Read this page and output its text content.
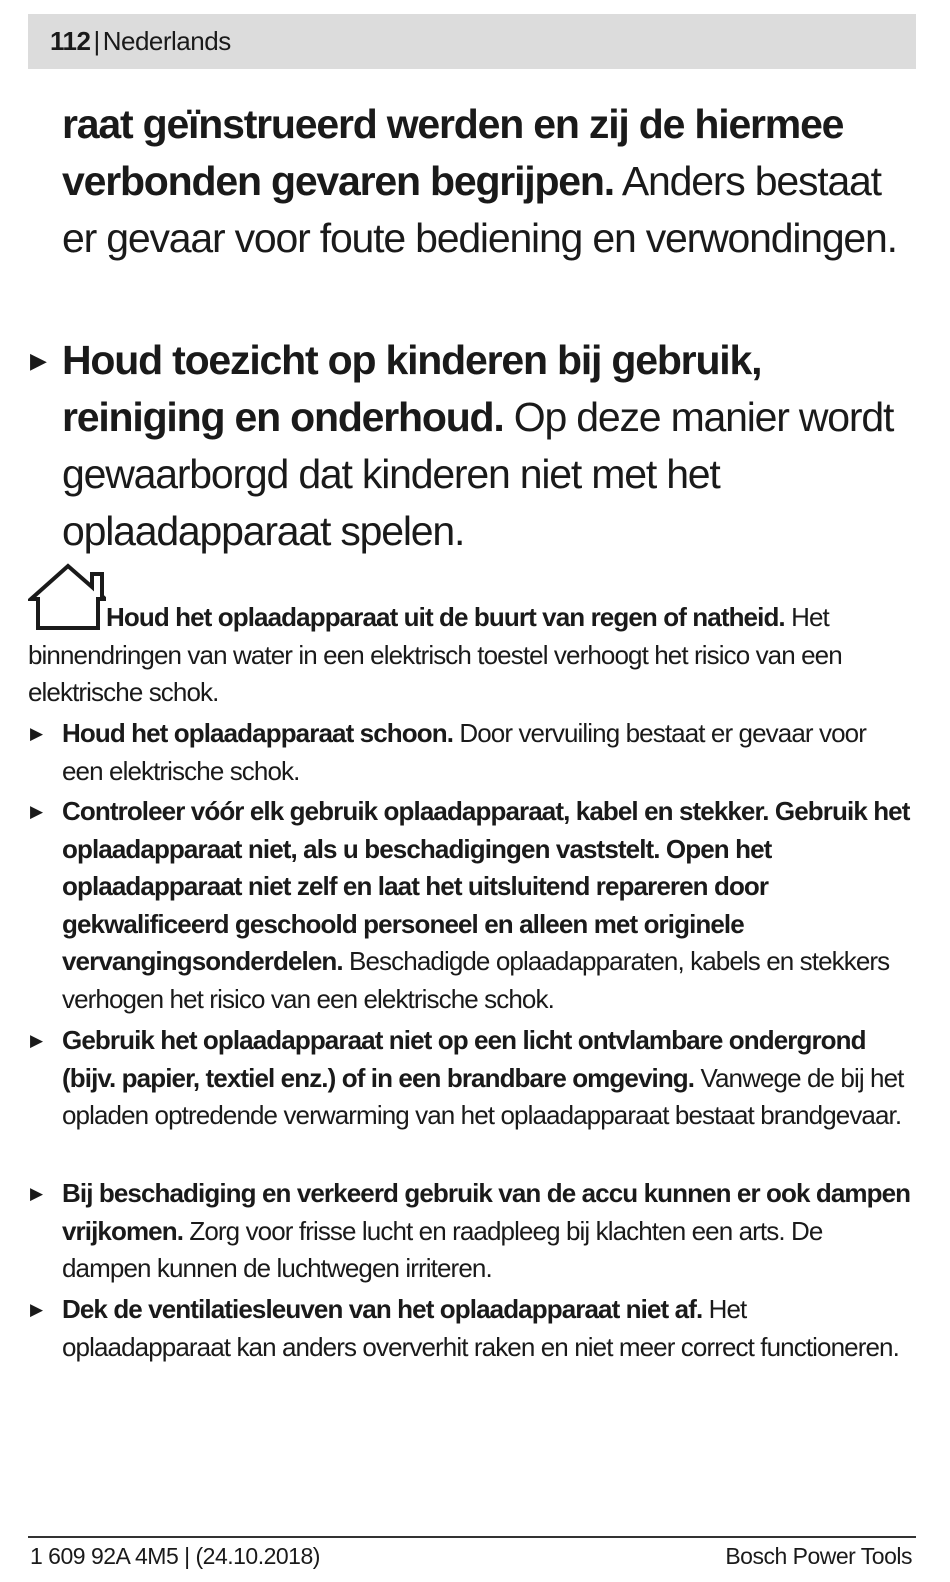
112 | Nederlands
raat geïnstrueerd werden en zij de hiermee verbonden gevaren begrijpen. Anders bestaat er gevaar voor foute bediening en verwondingen.
▶ Houd toezicht op kinderen bij gebruik, reiniging en onderhoud. Op deze manier wordt gewaarborgd dat kinderen niet met het oplaadapparaat spelen.
Houd het oplaadapparaat uit de buurt van regen of natheid. Het binnendringen van water in een elektrisch toestel verhoogt het risico van een elektrische schok.
▶ Houd het oplaadapparaat schoon. Door vervuiling bestaat er gevaar voor een elektrische schok.
▶ Controleer vóór elk gebruik oplaadapparaat, kabel en stekker. Gebruik het oplaadapparaat niet, als u beschadigingen vaststelt. Open het oplaadapparaat niet zelf en laat het uitsluitend repareren door gekwalificeerd geschoold personeel en alleen met originele vervangingsonderdelen. Beschadigde oplaadapparaten, kabels en stekkers verhogen het risico van een elektrische schok.
▶ Gebruik het oplaadapparaat niet op een licht ontvlambare ondergrond (bijv. papier, textiel enz.) of in een brandbare omgeving. Vanwege de bij het opladen optredende verwarming van het oplaadapparaat bestaat brandgevaar.
▶ Bij beschadiging en verkeerd gebruik van de accu kunnen er ook dampen vrijkomen. Zorg voor frisse lucht en raadpleeg bij klachten een arts. De dampen kunnen de luchtwegen irriteren.
▶ Dek de ventilatiesleuven van het oplaadapparaat niet af. Het oplaadapparaat kan anders oververhit raken en niet meer correct functioneren.
1 609 92A 4M5 | (24.10.2018)	Bosch Power Tools
